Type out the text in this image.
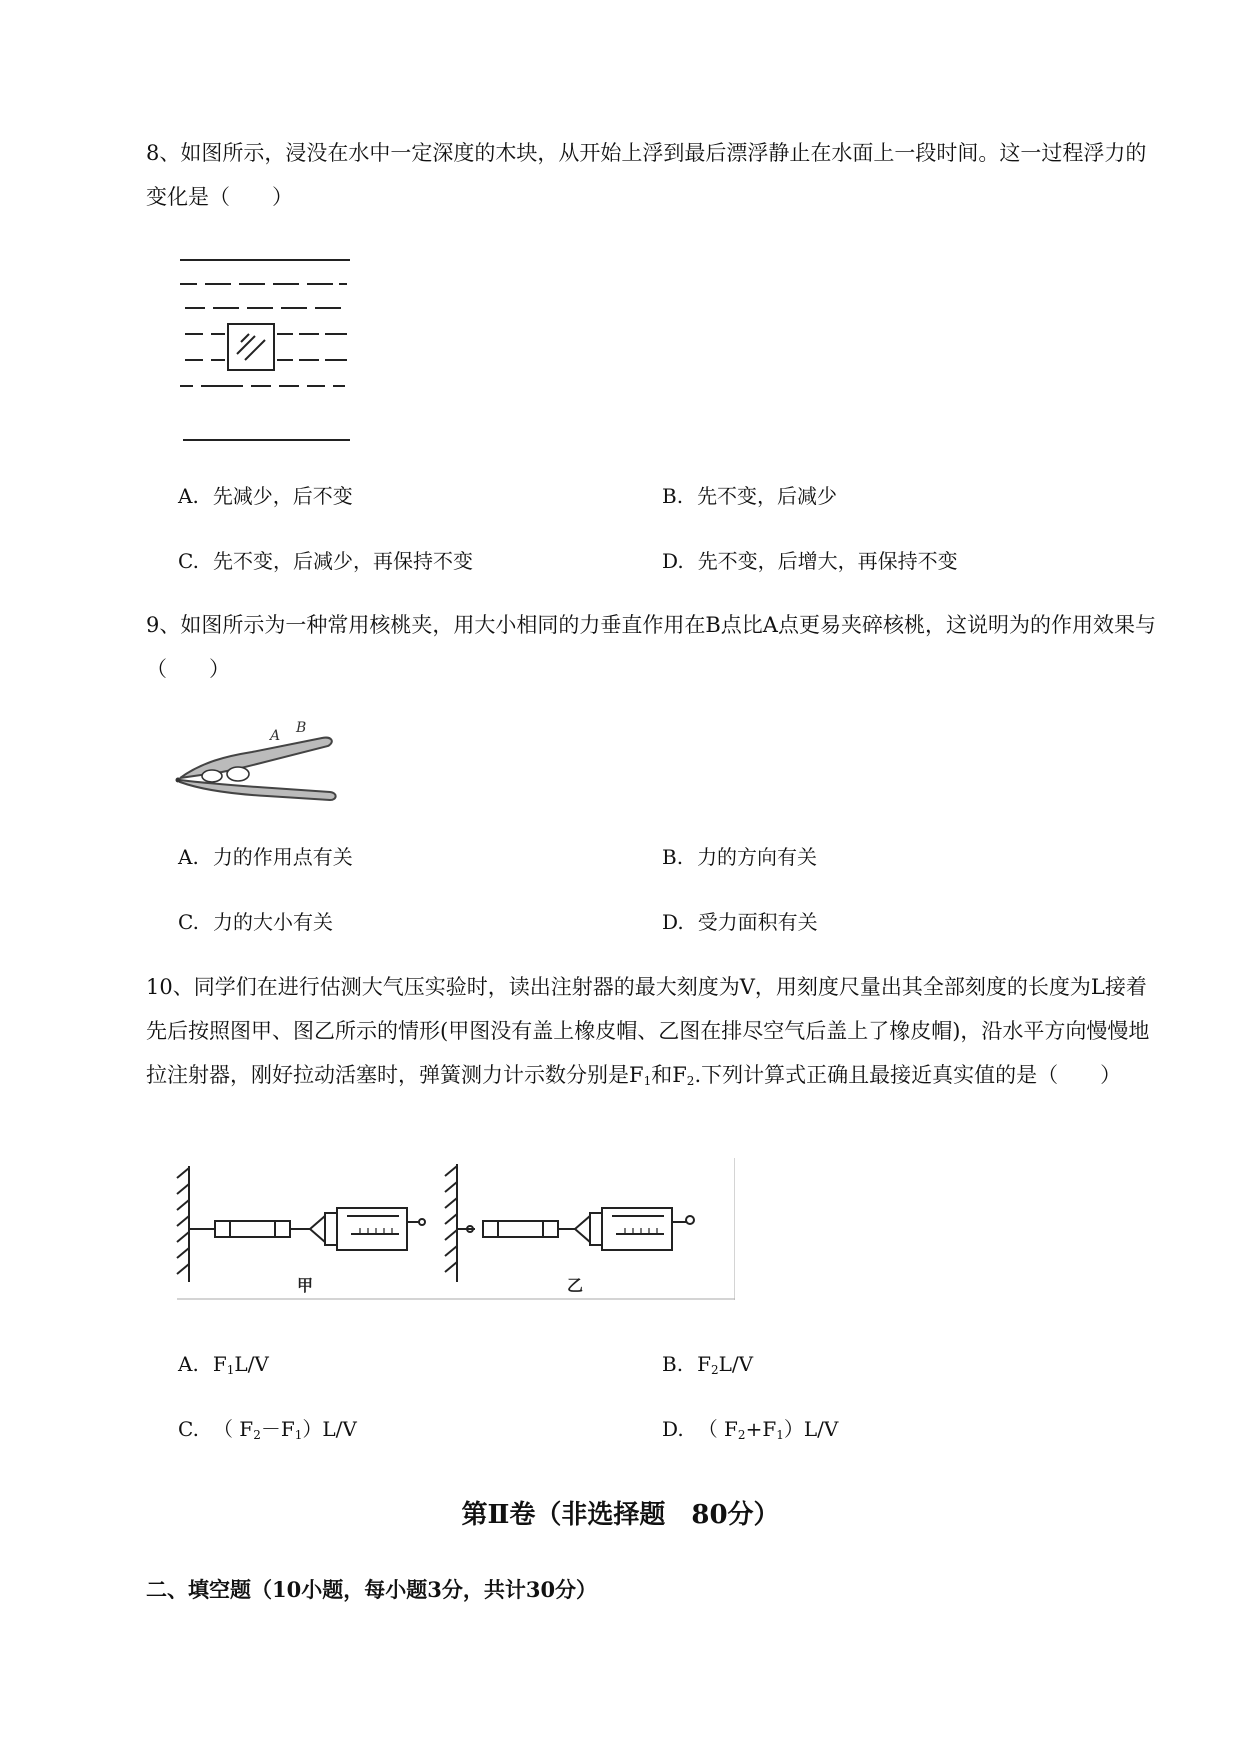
8、如图所示，浸没在水中一定深度的木块，从开始上浮到最后漂浮静止在水面上一段时间。这一过程浮力的变化是（　　）
A. 先减少，后不变	B. 先不变，后减少
C. 先不变，后减少，再保持不变	D. 先不变，后增大，再保持不变
9、如图所示为一种常用核桃夹，用大小相同的力垂直作用在B点比A点更易夹碎核桃，这说明为的作用效果与（　　）
A B
A. 力的作用点有关	B. 力的方向有关
C. 力的大小有关	D. 受力面积有关
10、同学们在进行估测大气压实验时，读出注射器的最大刻度为V，用刻度尺量出其全部刻度的长度为L接着先后按照图甲、图乙所示的情形(甲图没有盖上橡皮帽、乙图在排尽空气后盖上了橡皮帽)，沿水平方向慢慢地拉注射器，刚好拉动活塞时，弹簧测力计示数分别是$F_1$和$F_2$.下列计算式正确且最接近真实值的是（　　）
甲	乙
A. $F_1L/V$	B. $F_2L/V$
C. （ $F_2-F_1)L/V$	D. （ $F_2+F_1)L/V$
第Ⅱ卷（非选择题　80分）
二、填空题（10小题，每小题3分，共计30分）
